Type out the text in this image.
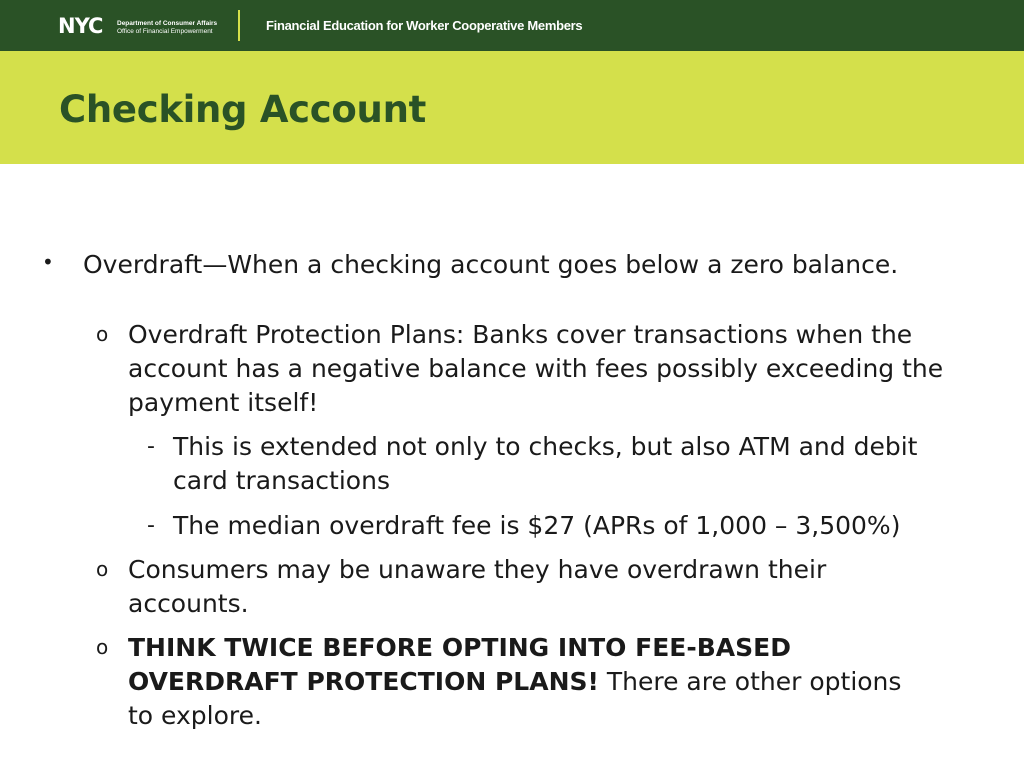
NYC Department of Consumer Affairs
Office of Financial Empowerment	Financial Education for Worker Cooperative Members
Checking Account
• Overdraft—When a checking account goes below a zero balance.
o Overdraft Protection Plans: Banks cover transactions when the account has a negative balance with fees possibly exceeding the payment itself!
- This is extended not only to checks, but also ATM and debit card transactions
- The median overdraft fee is $27 (APRs of 1,000 – 3,500%)
o Consumers may be unaware they have overdrawn their accounts.
o THINK TWICE BEFORE OPTING INTO FEE-BASED OVERDRAFT PROTECTION PLANS! There are other options to explore.
